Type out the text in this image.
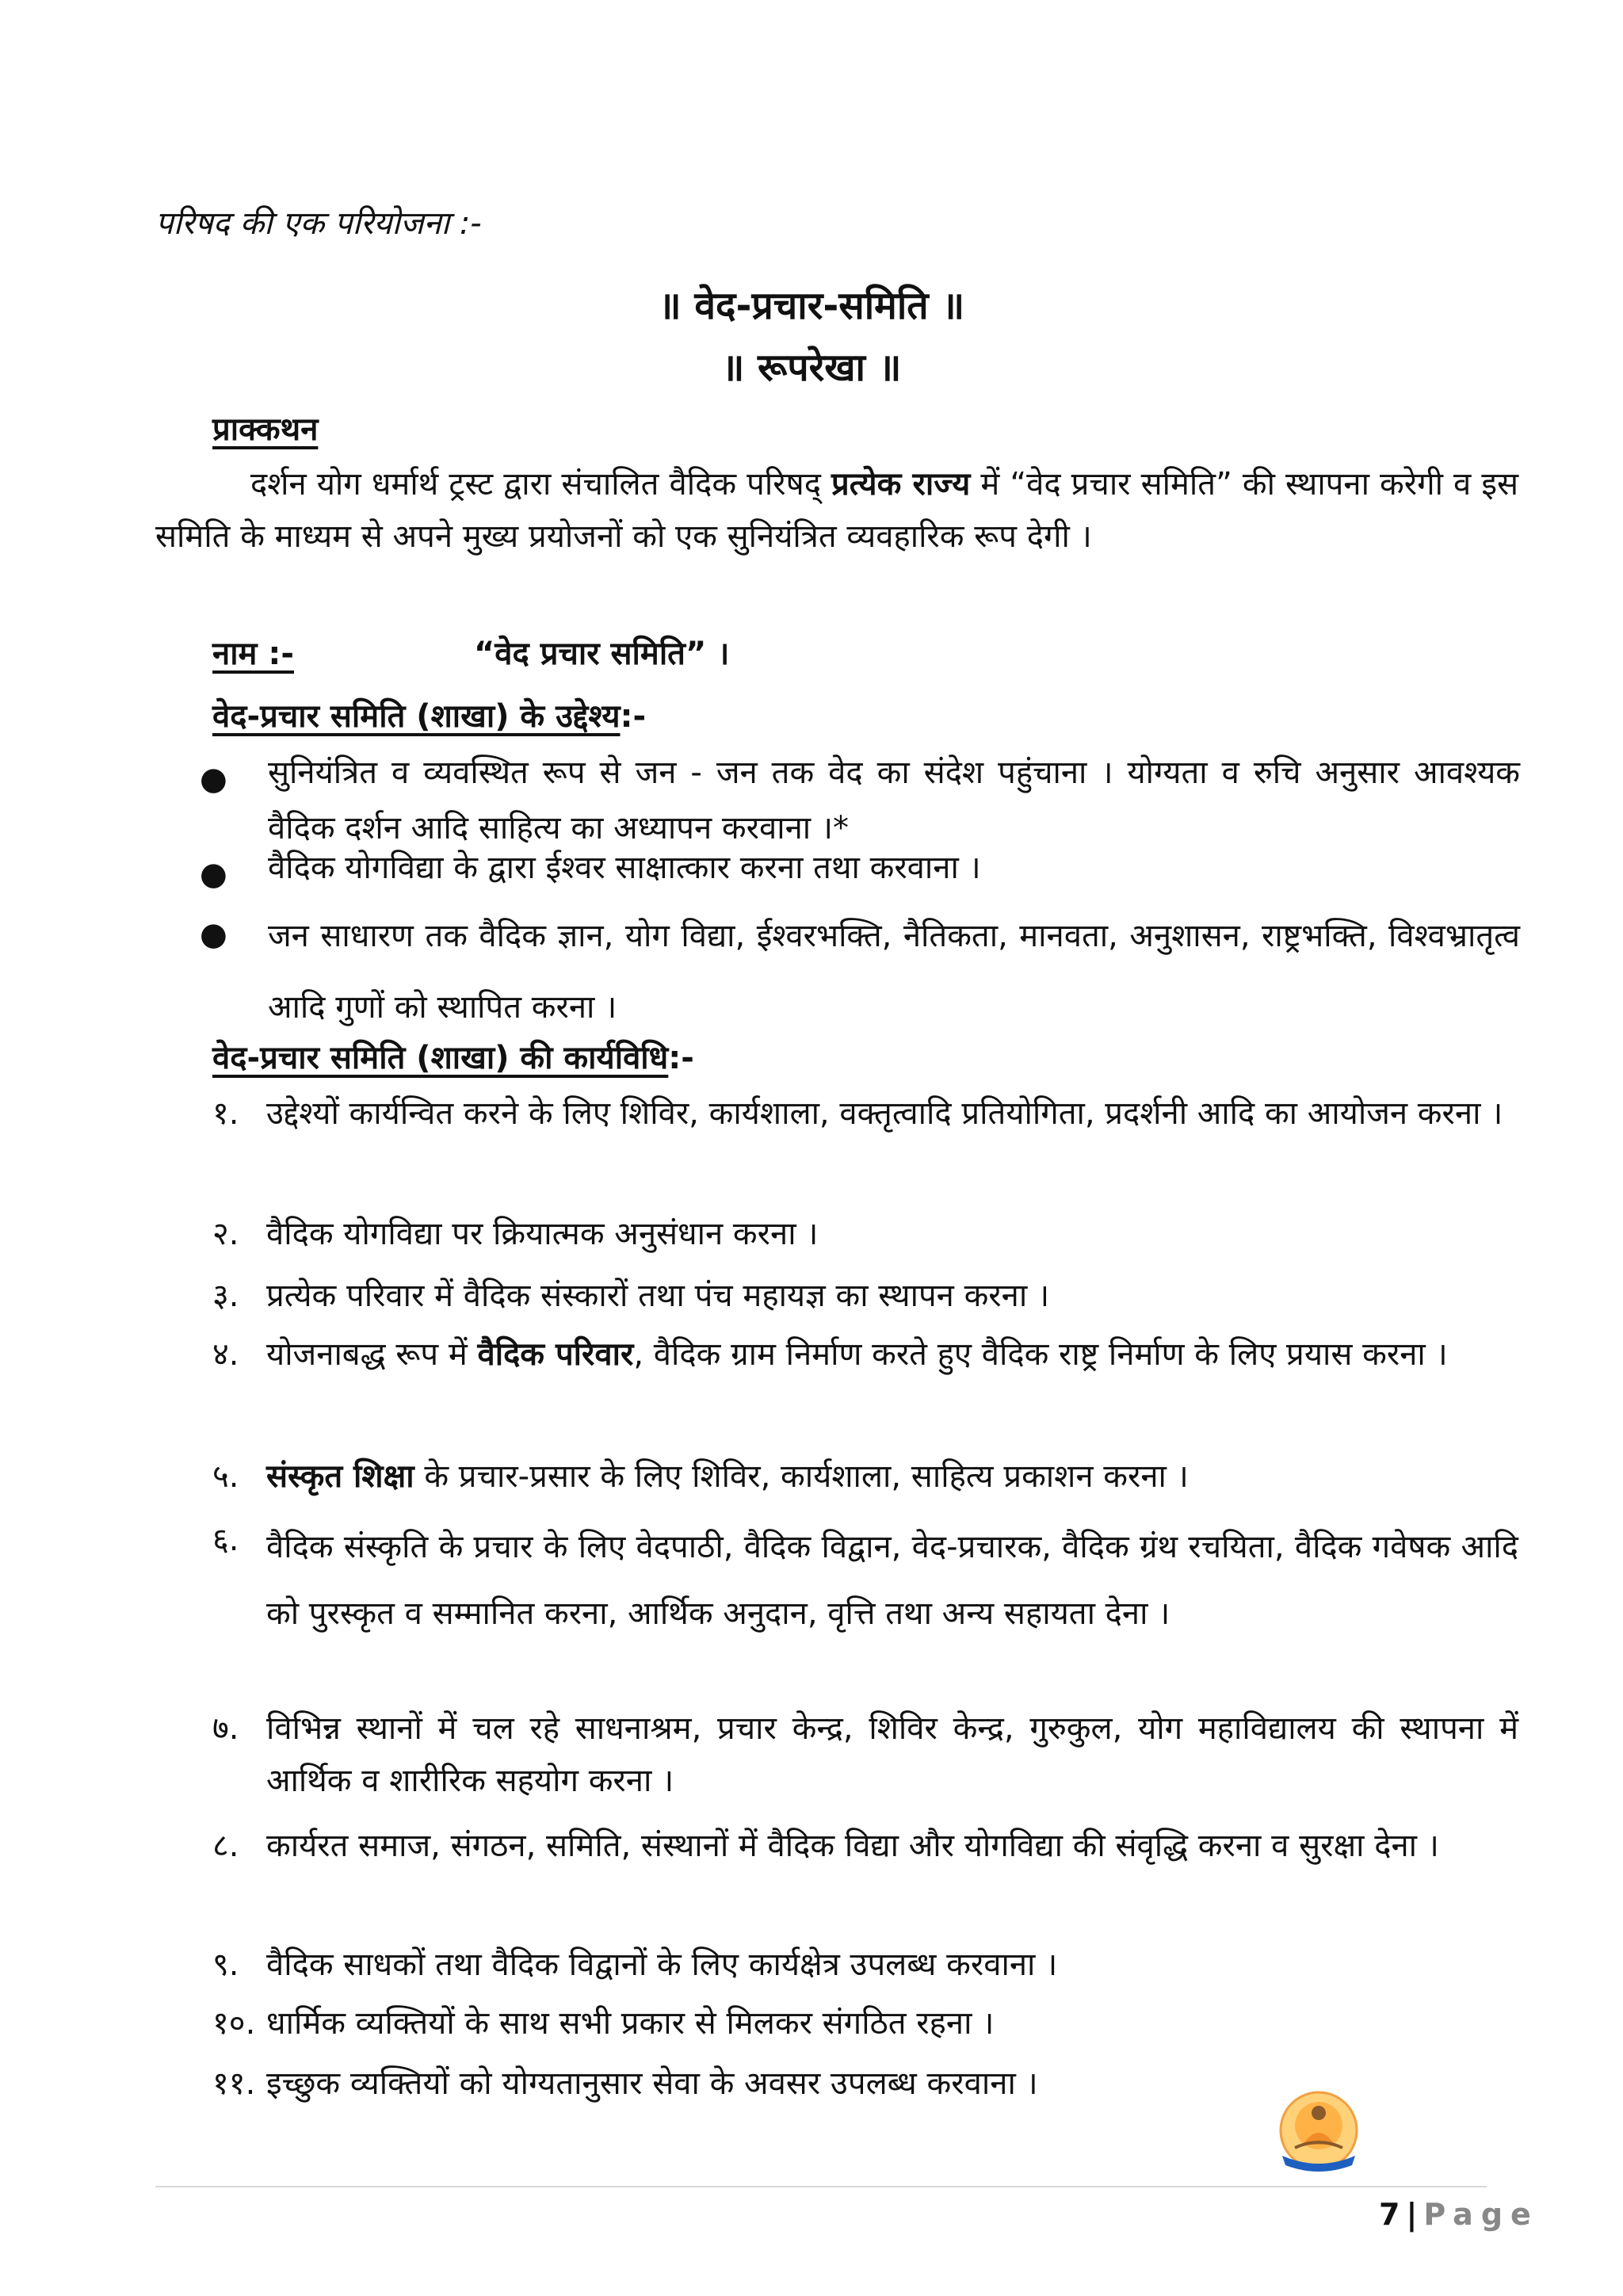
परिषद की एक परियोजना :-
॥ वेद-प्रचार-समिति ॥
॥ रूपरेखा ॥
प्राक्कथन
दर्शन योग धर्मार्थ ट्रस्ट द्वारा संचालित वैदिक परिषद् प्रत्येक राज्य में “वेद प्रचार समिति” की स्थापना करेगी व इस समिति के माध्यम से अपने मुख्य प्रयोजनों को एक सुनियंत्रित व्यवहारिक रूप देगी ।
नाम :-	“वेद प्रचार समिति” ।
वेद-प्रचार समिति (शाखा) के उद्देश्य:-
● सुनियंत्रित व व्यवस्थित रूप से जन - जन तक वेद का संदेश पहुंचाना । योग्यता व रुचि अनुसार आवश्यक वैदिक दर्शन आदि साहित्य का अध्यापन करवाना ।*
● वैदिक योगविद्या के द्वारा ईश्वर साक्षात्कार करना तथा करवाना ।
● जन साधारण तक वैदिक ज्ञान, योग विद्या, ईश्वरभक्ति, नैतिकता, मानवता, अनुशासन, राष्ट्रभक्ति, विश्वभ्रातृत्व आदि गुणों को स्थापित करना ।
वेद-प्रचार समिति (शाखा) की कार्यविधि:-
१. उद्देश्यों कार्यन्वित करने के लिए शिविर, कार्यशाला, वक्तृत्वादि प्रतियोगिता, प्रदर्शनी आदि का आयोजन करना ।
२. वैदिक योगविद्या पर क्रियात्मक अनुसंधान करना ।
३. प्रत्येक परिवार में वैदिक संस्कारों तथा पंच महायज्ञ का स्थापन करना ।
४. योजनाबद्ध रूप में वैदिक परिवार, वैदिक ग्राम निर्माण करते हुए वैदिक राष्ट्र निर्माण के लिए प्रयास करना ।
५. संस्कृत शिक्षा के प्रचार-प्रसार के लिए शिविर, कार्यशाला, साहित्य प्रकाशन करना ।
६. वैदिक संस्कृति के प्रचार के लिए वेदपाठी, वैदिक विद्वान, वेद-प्रचारक, वैदिक ग्रंथ रचयिता, वैदिक गवेषक आदि को पुरस्कृत व सम्मानित करना, आर्थिक अनुदान, वृत्ति तथा अन्य सहायता देना ।
७. विभिन्न स्थानों में चल रहे साधनाश्रम, प्रचार केन्द्र, शिविर केन्द्र, गुरुकुल, योग महाविद्यालय की स्थापना में आर्थिक व शारीरिक सहयोग करना ।
८. कार्यरत समाज, संगठन, समिति, संस्थानों में वैदिक विद्या और योगविद्या की संवृद्धि करना व सुरक्षा देना ।
९. वैदिक साधकों तथा वैदिक विद्वानों के लिए कार्यक्षेत्र उपलब्ध करवाना ।
१०. धार्मिक व्यक्तियों के साथ सभी प्रकार से मिलकर संगठित रहना ।
११. इच्छुक व्यक्तियों को योग्यतानुसार सेवा के अवसर उपलब्ध करवाना ।
7 | Page
